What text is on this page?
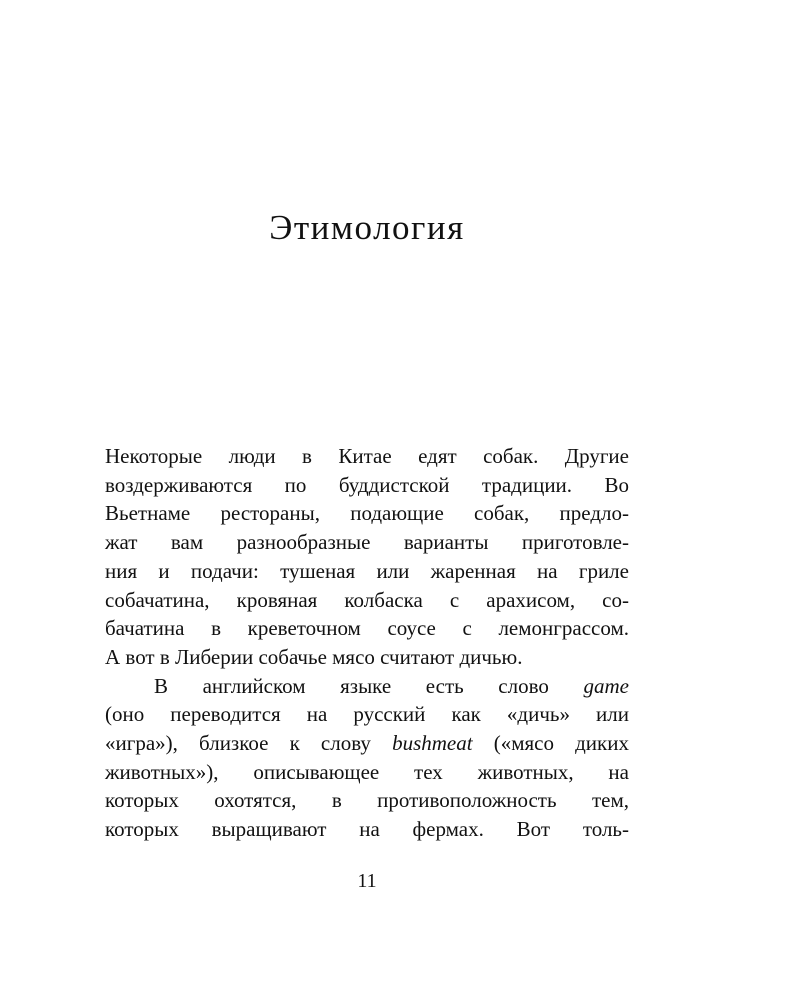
Этимология
Некоторые люди в Китае едят собак. Другие
воздерживаются по буддистской традиции. Во
Вьетнаме рестораны, подающие собак, предло-
жат вам разнообразные варианты приготовле-
ния и подачи: тушеная или жаренная на гриле
собачатина, кровяная колбаска с арахисом, со-
бачатина в креветочном соусе с лемонграссом.
А вот в Либерии собачье мясо считают дичью.
В английском языке есть слово game
(оно переводится на русский как «дичь» или
«игра»), близкое к слову bushmeat («мясо диких
животных»), описывающее тех животных, на
которых охотятся, в противоположность тем,
которых выращивают на фермах. Вот толь-
11
